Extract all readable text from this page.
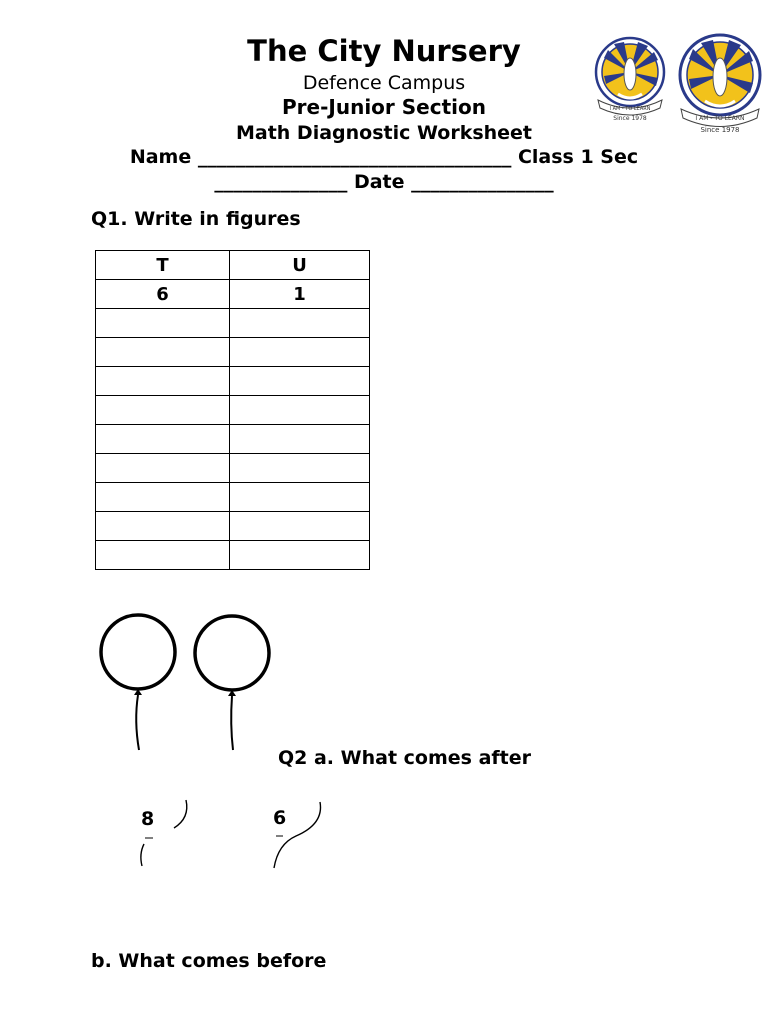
The City Nursery
Defence Campus
Pre-Junior Section
Math Diagnostic Worksheet
Name _________________________________ Class 1 Sec
______________ Date _______________
I AM - TO LEARN
Since 1978	I AM - TO LEARN
Since 1978
Q1. Write in figures
T	U
6	1

Q2 a. What comes after
8	6
b. What comes before
